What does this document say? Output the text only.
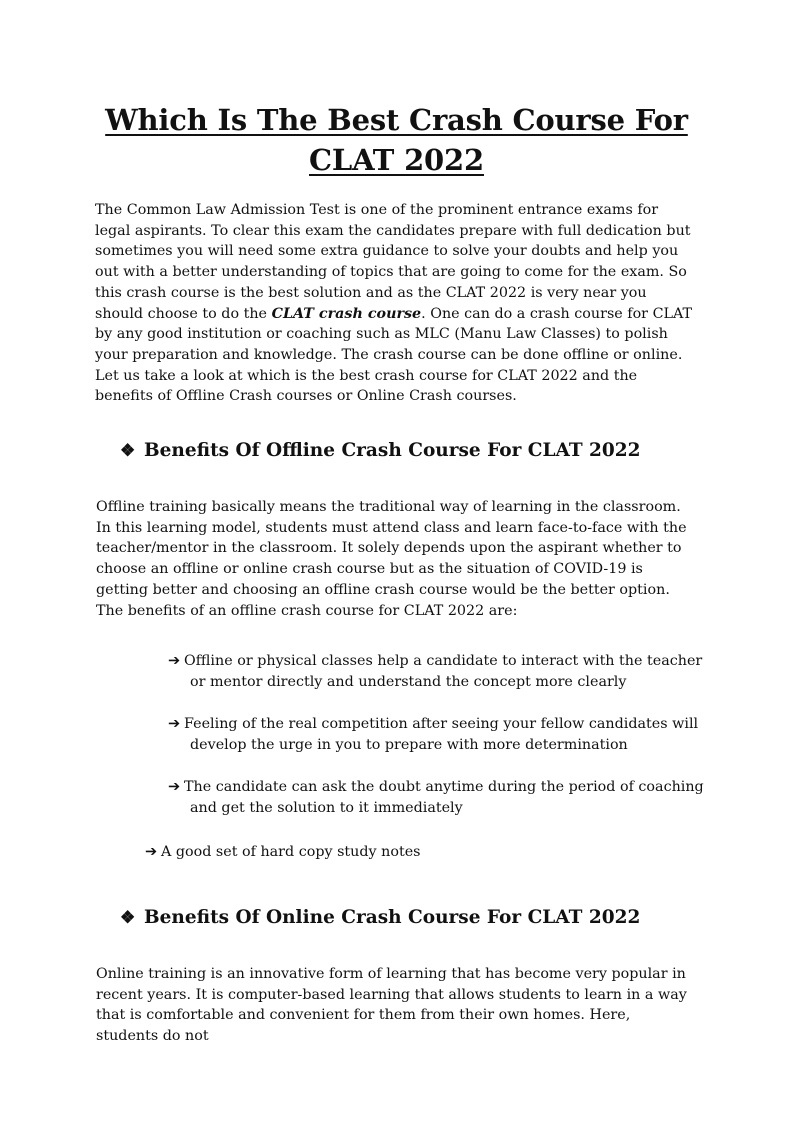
Which Is The Best Crash Course For
CLAT 2022

The Common Law Admission Test is one of the prominent entrance exams for legal aspirants. To clear this exam the candidates prepare with full dedication but sometimes you will need some extra guidance to solve your doubts and help you out with a better understanding of topics that are going to come for the exam. So this crash course is the best solution and as the CLAT 2022 is very near you should choose to do the CLAT crash course. One can do a crash course for CLAT by any good institution or coaching such as MLC (Manu Law Classes) to polish your preparation and knowledge. The crash course can be done offline or online. Let us take a look at which is the best crash course for CLAT 2022 and the benefits of Offline Crash courses or Online Crash courses.

❖ Benefits Of Offline Crash Course For CLAT 2022

Offline training basically means the traditional way of learning in the classroom. In this learning model, students must attend class and learn face-to-face with the teacher/mentor in the classroom. It solely depends upon the aspirant whether to choose an offline or online crash course but as the situation of COVID-19 is getting better and choosing an offline crash course would be the better option. The benefits of an offline crash course for CLAT 2022 are:

➔ Offline or physical classes help a candidate to interact with the teacher
or mentor directly and understand the concept more clearly
➔ Feeling of the real competition after seeing your fellow candidates will
develop the urge in you to prepare with more determination
➔ The candidate can ask the doubt anytime during the period of coaching
and get the solution to it immediately
➔ A good set of hard copy study notes
❖ Benefits Of Online Crash Course For CLAT 2022

Online training is an innovative form of learning that has become very popular in recent years. It is computer-based learning that allows students to learn in a way that is comfortable and convenient for them from their own homes. Here, students do not
